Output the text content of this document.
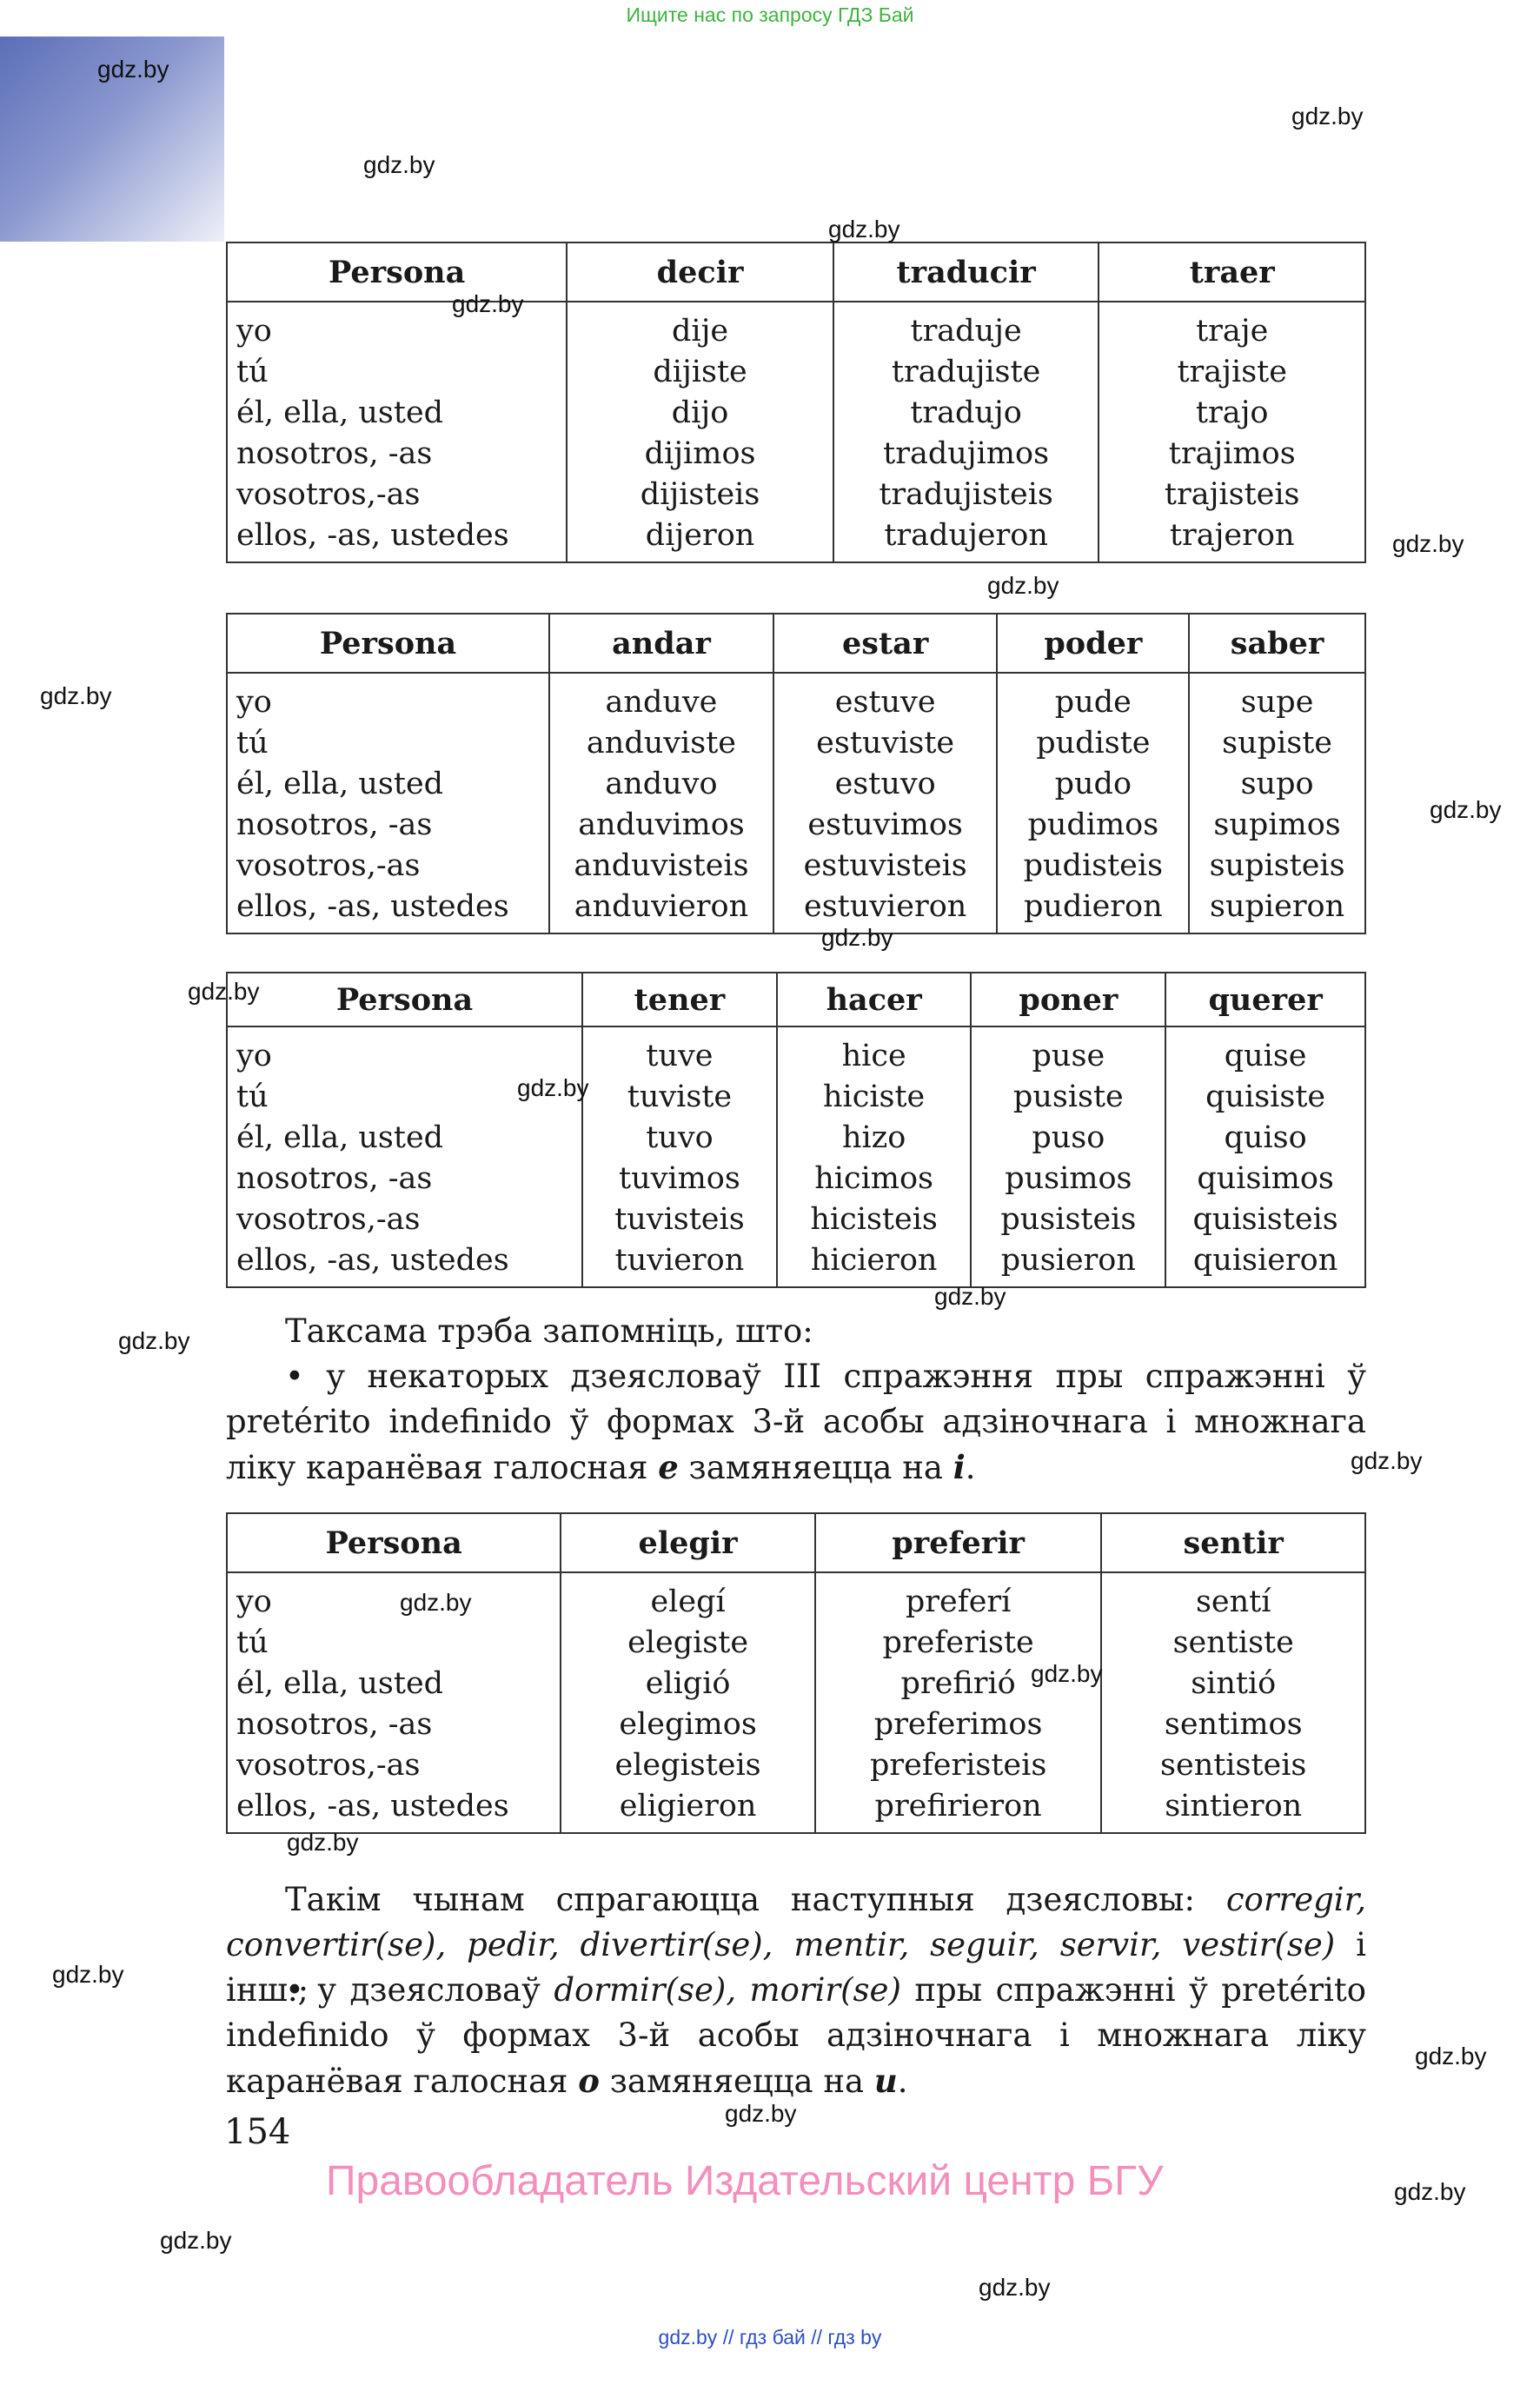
Ищите нас по запросу ГДЗ Бай
Persona	decir	traducir	traer
yo	dije	traduje	traje
tú	dijiste	tradujiste	trajiste
él, ella, usted	dijo	tradujo	trajo
nosotros, -as	dijimos	tradujimos	trajimos
vosotros,-as	dijisteis	tradujisteis	trajisteis
ellos, -as, ustedes	dijeron	tradujeron	trajeron
Persona	andar	estar	poder	saber
yo	anduve	estuve	pude	supe
tú	anduviste	estuviste	pudiste	supiste
él, ella, usted	anduvo	estuvo	pudo	supo
nosotros, -as	anduvimos	estuvimos	pudimos	supimos
vosotros,-as	anduvisteis	estuvisteis	pudisteis	supisteis
ellos, -as, ustedes	anduvieron	estuvieron	pudieron	supieron
Persona	tener	hacer	poner	querer
yo	tuve	hice	puse	quise
tú	tuviste	hiciste	pusiste	quisiste
él, ella, usted	tuvo	hizo	puso	quiso
nosotros, -as	tuvimos	hicimos	pusimos	quisimos
vosotros,-as	tuvisteis	hicisteis	pusisteis	quisisteis
ellos, -as, ustedes	tuvieron	hicieron	pusieron	quisieron
Таксама трэба запомніць, што:
• у некаторых дзеясловаў III спражэння пры спражэнні ў pretérito indefinido ў формах 3-й асобы адзіночнага і множнага ліку каранёвая галосная e замяняецца на i.
Persona	elegir	preferir	sentir
yo	elegí	preferí	sentí
tú	elegiste	preferiste	sentiste
él, ella, usted	eligió	prefirió	sintió
nosotros, -as	elegimos	preferimos	sentimos
vosotros,-as	elegisteis	preferisteis	sentisteis
ellos, -as, ustedes	eligieron	prefirieron	sintieron
Такім чынам спрагаюцца наступныя дзеясловы: corregir, convertir(se), pedir, divertir(se), mentir, seguir, servir, vestir(se) і інш.;
• у дзеясловаў dormir(se), morir(se) пры спражэнні ў pretérito indefinido ў формах 3-й асобы адзіночнага і множнага ліку каранёвая галосная o замяняецца на u.
154
Правообладатель Издательский центр БГУ
gdz.by // гдз бай // гдз by
gdz.by
gdz.by
gdz.by
gdz.by
gdz.by
gdz.by
gdz.by
gdz.by
gdz.by
gdz.by
gdz.by
gdz.by
gdz.by
gdz.by
gdz.by
gdz.by
gdz.by
gdz.by
gdz.by
gdz.by
gdz.by
gdz.by
gdz.by
gdz.by
